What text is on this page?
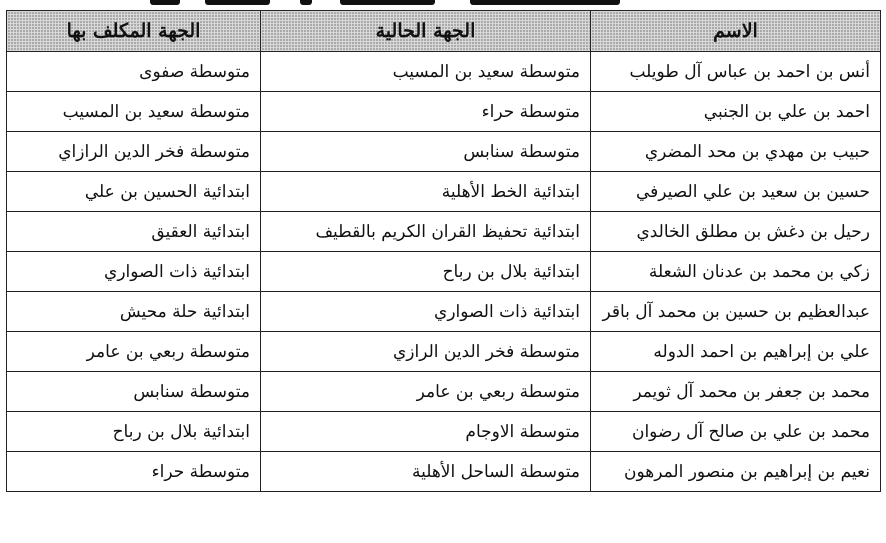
الاسم	الجهة الحالية	الجهة المكلف بها
أنس بن احمد بن عباس آل طويلب	متوسطة سعيد بن المسيب	متوسطة صفوى
احمد بن علي بن الجنبي	متوسطة حراء	متوسطة سعيد بن المسيب
حبيب بن مهدي بن محد المضري	متوسطة سنابس	متوسطة فخر الدين الرازاي
حسين بن سعيد بن علي الصيرفي	ابتدائية الخط الأهلية	ابتدائية الحسين بن علي
رحيل بن دغش بن مطلق الخالدي	ابتدائية تحفيظ القران الكريم بالقطيف	ابتدائية العقيق
زكي بن محمد بن عدنان الشعلة	ابتدائية بلال بن رباح	ابتدائية ذات الصواري
عبدالعظيم بن حسين بن محمد آل باقر	ابتدائية ذات الصواري	ابتدائية حلة محيش
علي بن إبراهيم بن احمد الدوله	متوسطة فخر الدين الرازي	متوسطة ربعي بن عامر
محمد بن جعفر بن محمد آل ثويمر	متوسطة ربعي بن عامر	متوسطة سنابس
محمد بن علي بن صالح آل رضوان	متوسطة الاوجام	ابتدائية بلال بن رباح
نعيم بن إبراهيم بن منصور المرهون	متوسطة الساحل الأهلية	متوسطة حراء
